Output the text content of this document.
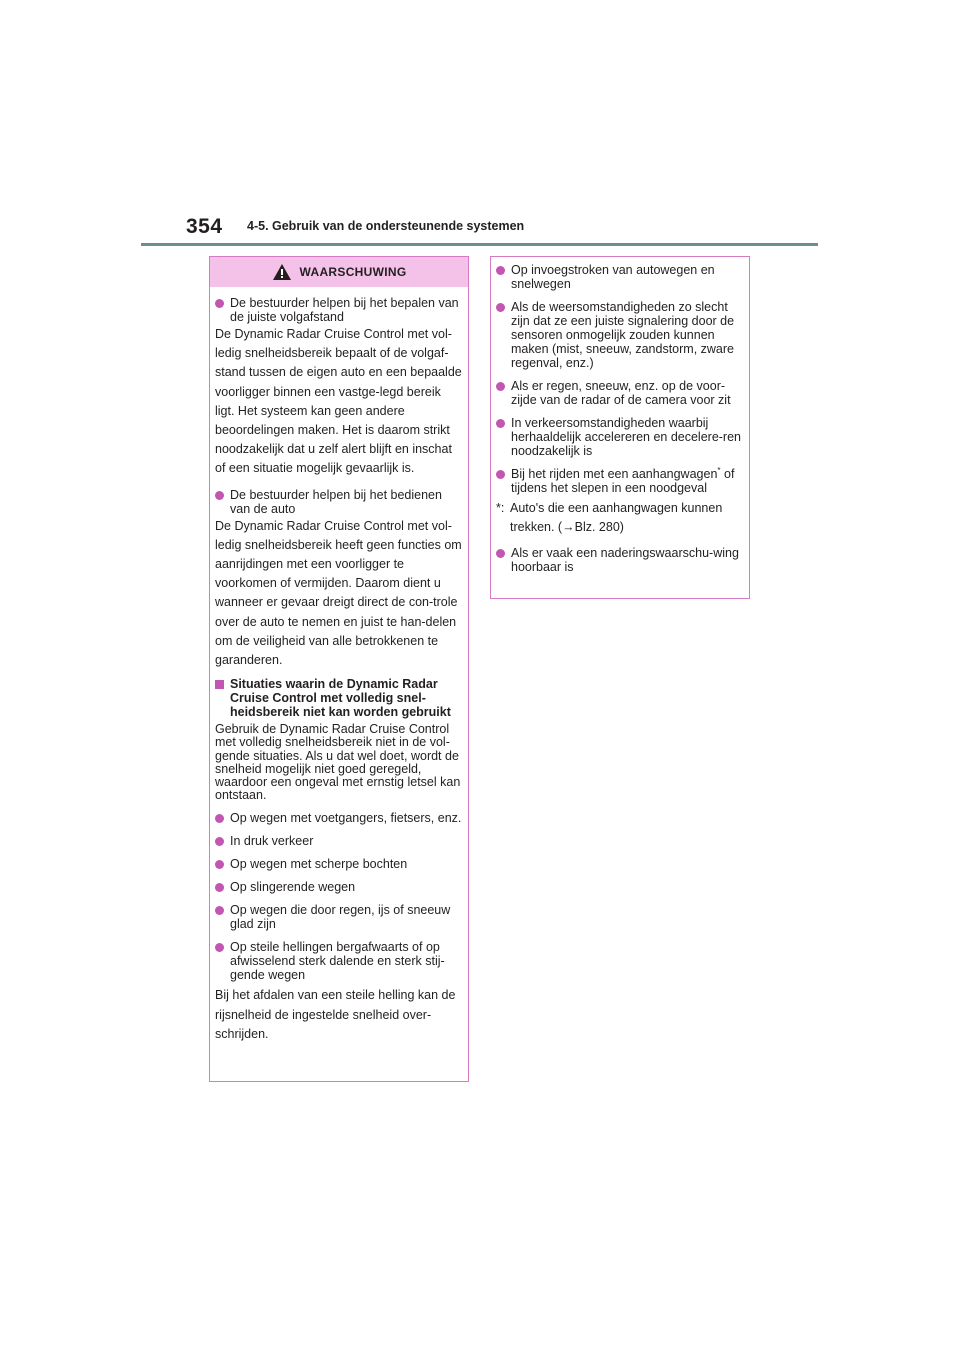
354 4-5. Gebruik van de ondersteunende systemen
WAARSCHUWING
De bestuurder helpen bij het bepalen van de juiste volgafstand
De Dynamic Radar Cruise Control met vol-ledig snelheidsbereik bepaalt of de volgaf-stand tussen de eigen auto en een bepaalde voorligger binnen een vastge-legd bereik ligt. Het systeem kan geen andere beoordelingen maken. Het is daarom strikt noodzakelijk dat u zelf alert blijft en inschat of een situatie mogelijk gevaarlijk is.
De bestuurder helpen bij het bedienen van de auto
De Dynamic Radar Cruise Control met vol-ledig snelheidsbereik heeft geen functies om aanrijdingen met een voorligger te voorkomen of vermijden. Daarom dient u wanneer er gevaar dreigt direct de con-trole over de auto te nemen en juist te han-delen om de veiligheid van alle betrokkenen te garanderen.
Situaties waarin de Dynamic Radar Cruise Control met volledig snel-heidsbereik niet kan worden gebruikt
Gebruik de Dynamic Radar Cruise Control met volledig snelheidsbereik niet in de vol-gende situaties. Als u dat wel doet, wordt de snelheid mogelijk niet goed geregeld, waardoor een ongeval met ernstig letsel kan ontstaan.
Op wegen met voetgangers, fietsers, enz.
In druk verkeer
Op wegen met scherpe bochten
Op slingerende wegen
Op wegen die door regen, ijs of sneeuw glad zijn
Op steile hellingen bergafwaarts of op afwisselend sterk dalende en sterk stij-gende wegen
Bij het afdalen van een steile helling kan de rijsnelheid de ingestelde snelheid over-schrijden.
Op invoegstroken van autowegen en snelwegen
Als de weersomstandigheden zo slecht zijn dat ze een juiste signalering door de sensoren onmogelijk zouden kunnen maken (mist, sneeuw, zandstorm, zware regenval, enz.)
Als er regen, sneeuw, enz. op de voor-zijde van de radar of de camera voor zit
In verkeersomstandigheden waarbij herhaaldelijk accelereren en decelere-ren noodzakelijk is
Bij het rijden met een aanhangwagen* of tijdens het slepen in een noodgeval
*: Auto's die een aanhangwagen kunnen trekken. (→Blz. 280)
Als er vaak een naderingswaarschu-wing hoorbaar is
